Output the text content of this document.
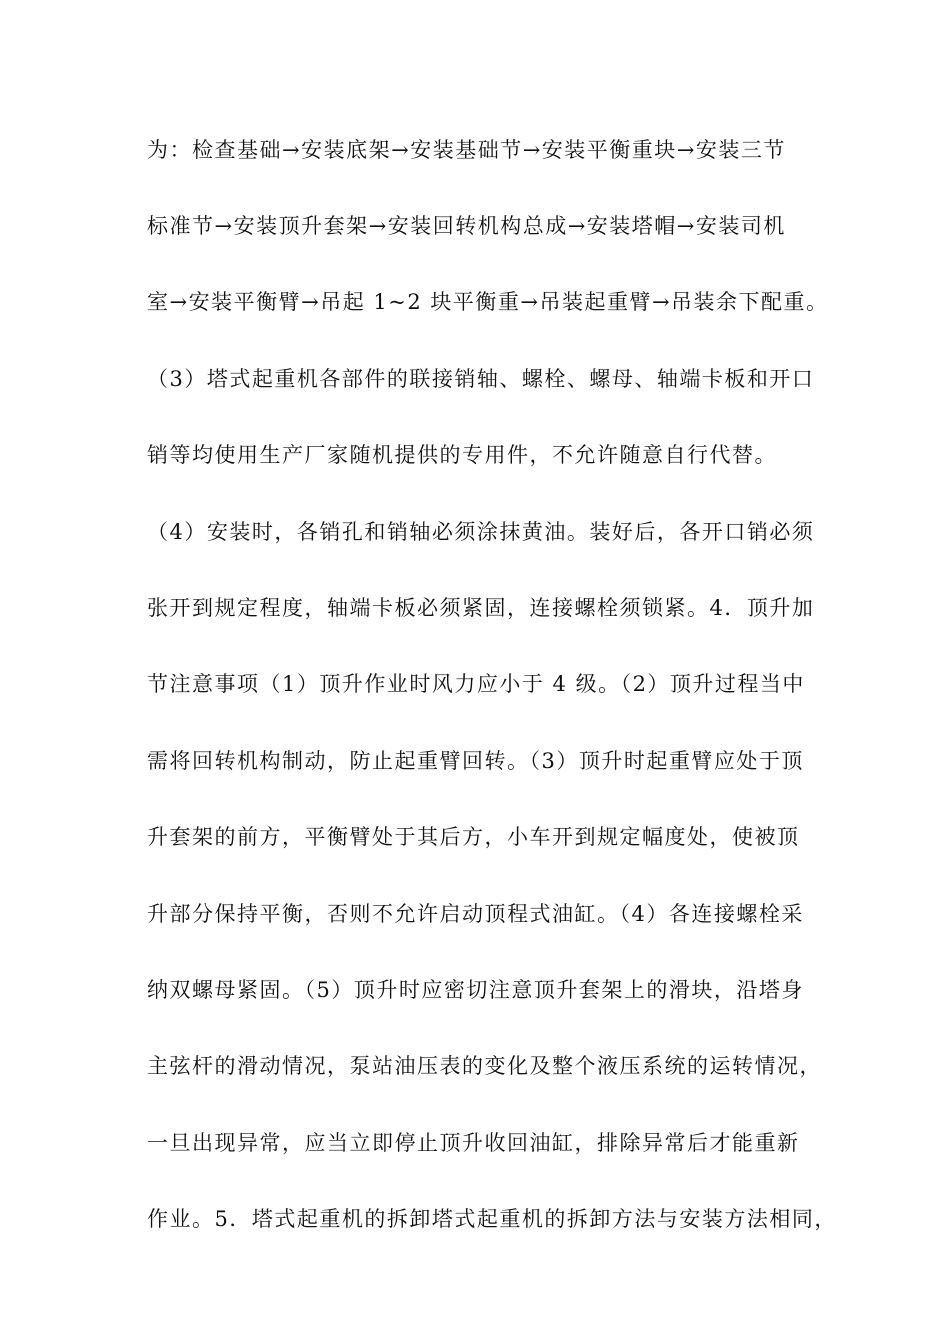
为：检查基础→安装底架→安装基础节→安装平衡重块→安装三节
标准节→安装顶升套架→安装回转机构总成→安装塔帽→安装司机
室→安装平衡臂→吊起 1~2 块平衡重→吊装起重臂→吊装余下配重。
（3）塔式起重机各部件的联接销轴、螺栓、螺母、轴端卡板和开口
销等均使用生产厂家随机提供的专用件，不允许随意自行代替。
（4）安装时，各销孔和销轴必须涂抹黄油。装好后，各开口销必须
张开到规定程度，轴端卡板必须紧固，连接螺栓须锁紧。4．顶升加
节注意事项（1）顶升作业时风力应小于 4 级。（2）顶升过程当中
需将回转机构制动，防止起重臂回转。（3）顶升时起重臂应处于顶
升套架的前方，平衡臂处于其后方，小车开到规定幅度处，使被顶
升部分保持平衡，否则不允许启动顶程式油缸。（4）各连接螺栓采
纳双螺母紧固。（5）顶升时应密切注意顶升套架上的滑块，沿塔身
主弦杆的滑动情况，泵站油压表的变化及整个液压系统的运转情况，
一旦出现异常，应当立即停止顶升收回油缸，排除异常后才能重新
作业。5．塔式起重机的拆卸塔式起重机的拆卸方法与安装方法相同，
